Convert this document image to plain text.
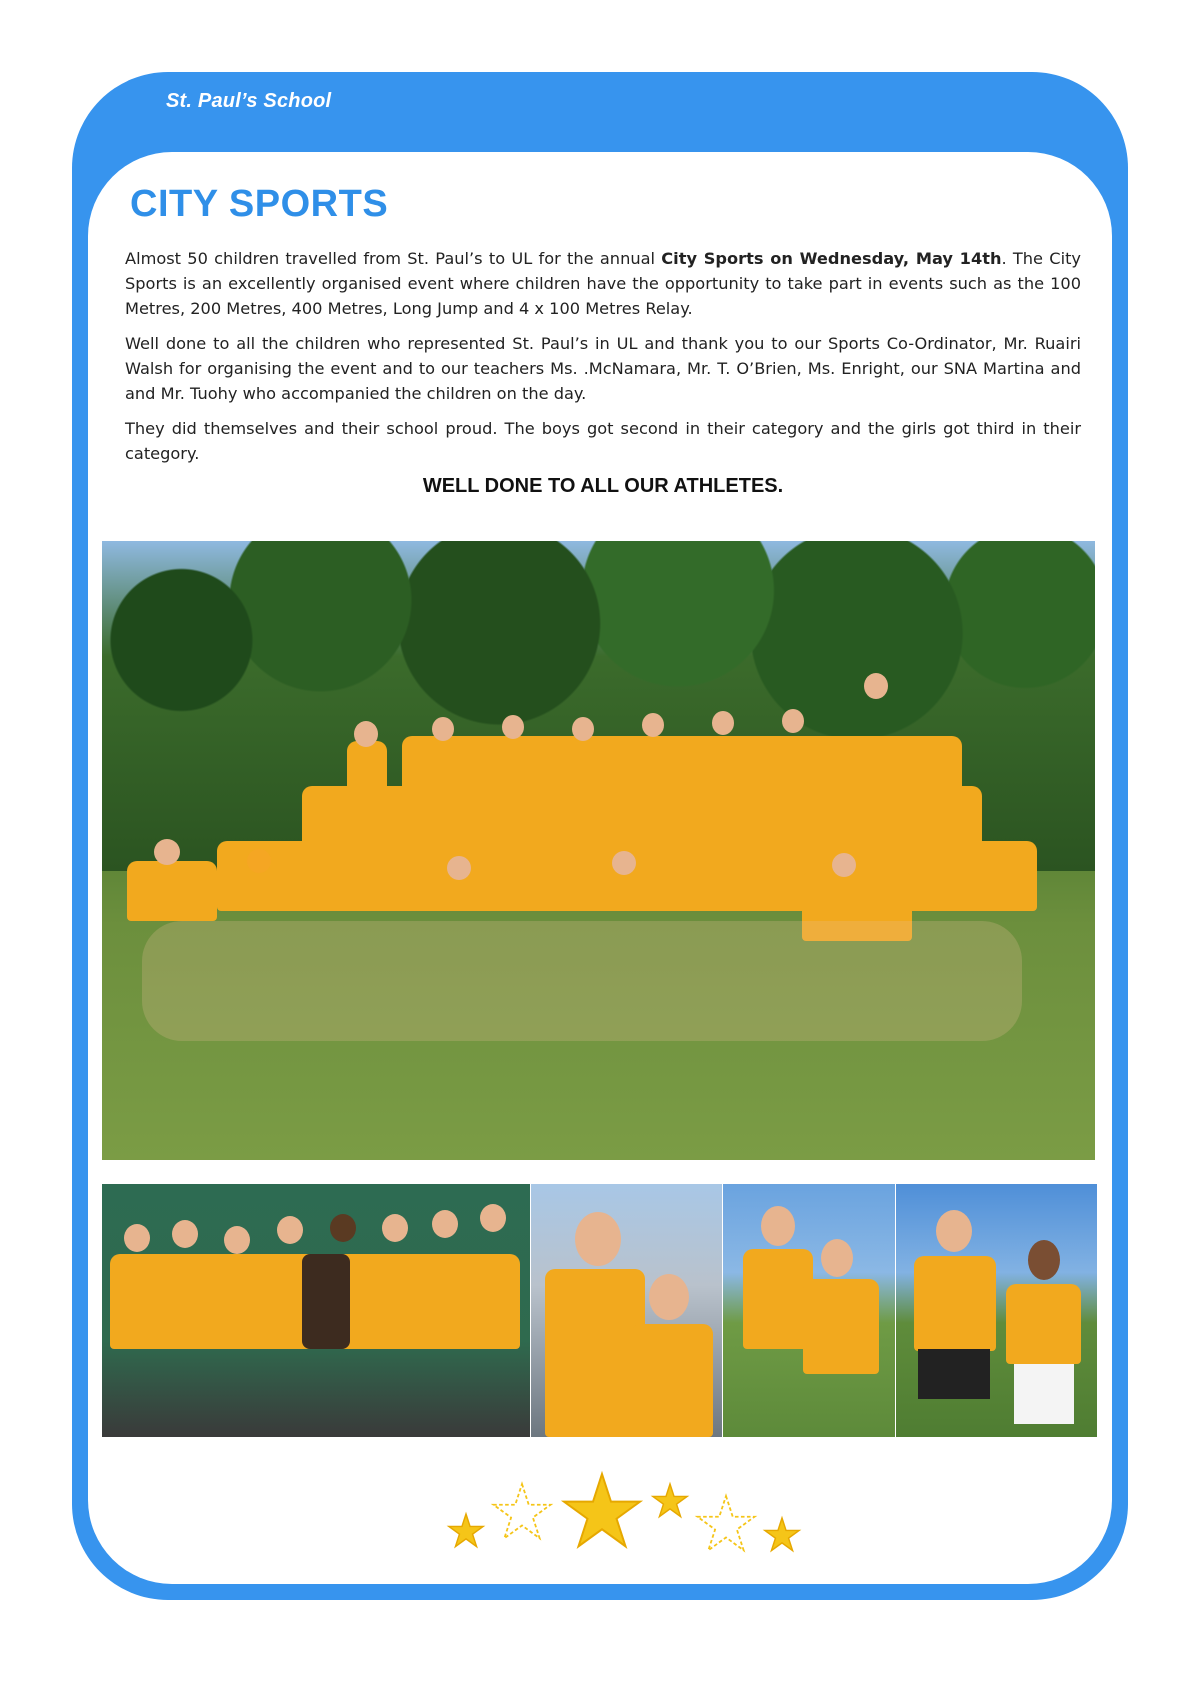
St. Paul’s School
CITY SPORTS

Almost 50 children travelled from St. Paul’s to UL for the annual City Sports on Wednesday, May 14th. The City Sports is an excellently organised event where children have the opportunity to take part in events such as the 100 Metres, 200 Metres, 400 Metres, Long Jump and 4 x 100 Metres Relay.

Well done to all the children who represented St. Paul’s in UL and thank you to our Sports Co-Ordinator, Mr. Ruairi Walsh for organising the event and to our teachers Ms. .McNamara, Mr. T. O’Brien, Ms. Enright, our SNA Martina and and Mr. Tuohy who accompanied the children on the day.

They did themselves and their school proud. The boys got second in their category and the girls got third in their category.

WELL DONE TO ALL OUR ATHLETES.
